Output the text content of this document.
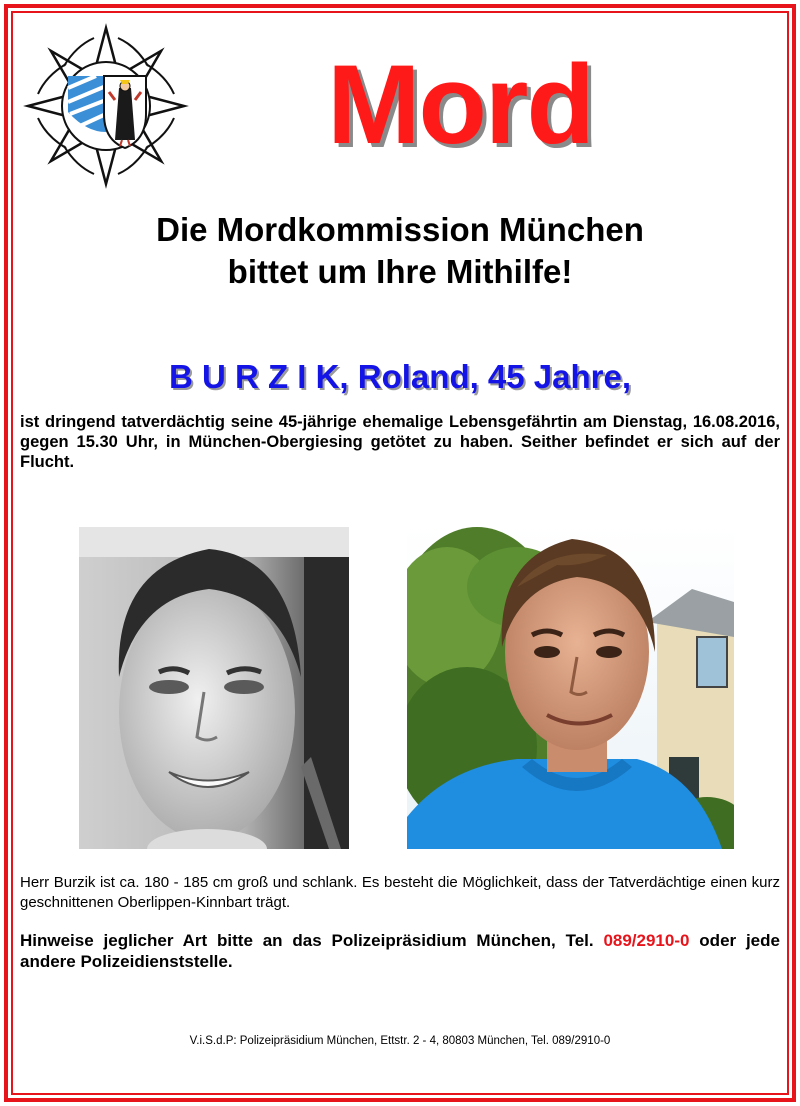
Mord
Die Mordkommission München
bittet um Ihre Mithilfe!
B U R Z I K, Roland, 45 Jahre,
ist dringend tatverdächtig seine 45-jährige ehemalige Lebensgefährtin am Dienstag, 16.08.2016, gegen 15.30 Uhr, in München-Obergiesing getötet zu haben. Seither befindet er sich auf der Flucht.
Herr Burzik ist ca. 180 - 185 cm groß und schlank. Es besteht die Möglichkeit, dass der Tatverdächtige einen kurz geschnittenen Oberlippen-Kinnbart trägt.
Hinweise jeglicher Art bitte an das Polizeipräsidium München, Tel. 089/2910-0 oder jede andere Polizeidienststelle.
V.i.S.d.P: Polizeipräsidium München, Ettstr. 2 - 4, 80803 München, Tel. 089/2910-0
